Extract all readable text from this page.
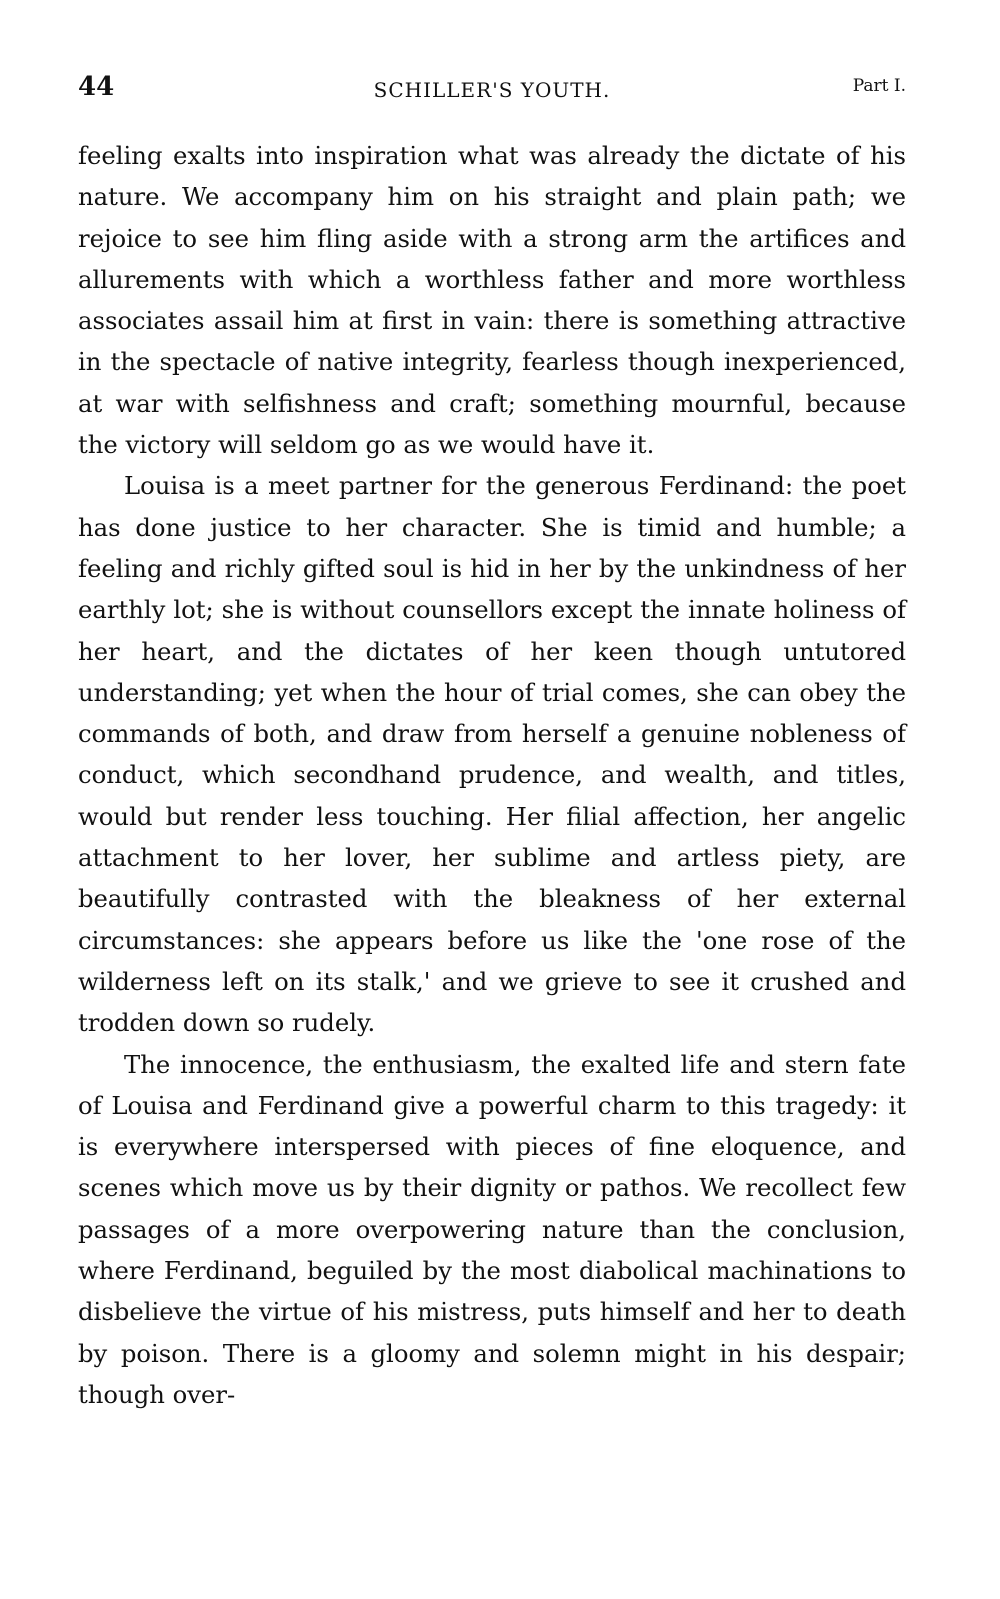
44	SCHILLER'S YOUTH.	Part I.

feeling exalts into inspiration what was already the dictate of his nature. We accompany him on his straight and plain path; we rejoice to see him fling aside with a strong arm the artifices and allurements with which a worthless father and more worthless associates assail him at first in vain: there is something attractive in the spectacle of native integrity, fearless though inexperienced, at war with selfishness and craft; something mournful, because the victory will seldom go as we would have it.

Louisa is a meet partner for the generous Ferdinand: the poet has done justice to her character. She is timid and humble; a feeling and richly gifted soul is hid in her by the unkindness of her earthly lot; she is without counsellors except the innate holiness of her heart, and the dictates of her keen though untutored understanding; yet when the hour of trial comes, she can obey the commands of both, and draw from herself a genuine nobleness of conduct, which secondhand prudence, and wealth, and titles, would but render less touching. Her filial affection, her angelic attachment to her lover, her sublime and artless piety, are beautifully contrasted with the bleakness of her external circumstances: she appears before us like the 'one rose of the wilderness left on its stalk,' and we grieve to see it crushed and trodden down so rudely.

The innocence, the enthusiasm, the exalted life and stern fate of Louisa and Ferdinand give a powerful charm to this tragedy: it is everywhere interspersed with pieces of fine eloquence, and scenes which move us by their dignity or pathos. We recollect few passages of a more overpowering nature than the conclusion, where Ferdinand, beguiled by the most diabolical machinations to disbelieve the virtue of his mistress, puts himself and her to death by poison. There is a gloomy and solemn might in his despair; though over-
